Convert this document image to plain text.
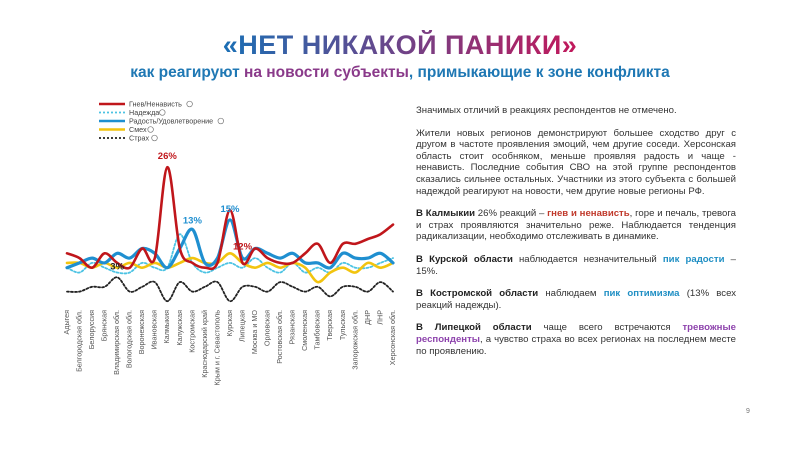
«НЕТ НИКАКОЙ ПАНИКИ»
как реагируют на новости субъекты, примыкающие к зоне конфликта
Гнев/Ненависть
Надежда
Радость/Удовлетворение
Смех
Страх
26%
13%
15%
12%
3%
Адыгея Белгородская обл. Белоруссия Брянская Владимирская обл. Вологодская обл. Воронежская Ивановская Калмыкия Калужская Костромская Краснодарский край Крым и г. Севастополь Курская Липецкая Москва и МО Орловская Ростовская обл. Рязанская Смоленская Тамбовская Тверская Тульская Запорожская обл. ДНР ЛНР Херсонская обл.

Значимых отличий в реакциях респондентов не отмечено.

Жители новых регионов демонстрируют большее сходство друг с другом в частоте проявления эмоций, чем другие соседи. Херсонская область стоит особняком, меньше проявляя радость и чаще - ненависть. Последние события СВО на этой группе респондентов сказались сильнее остальных. Участники из этого субъекта с большей надеждой реагируют на новости, чем другие новые регионы РФ.

В Калмыкии 26% реакций – гнев и ненависть, горе и печаль, тревога и страх проявляются значительно реже. Наблюдается тенденция радикализации, необходимо отслеживать в динамике.

В Курской области наблюдается незначительный пик радости – 15%.

В Костромской области наблюдаем пик оптимизма (13% всех реакций надежды).

В Липецкой области чаще всего встречаются тревожные респонденты, а чувство страха во всех регионах на последнем месте по проявлению.

9
